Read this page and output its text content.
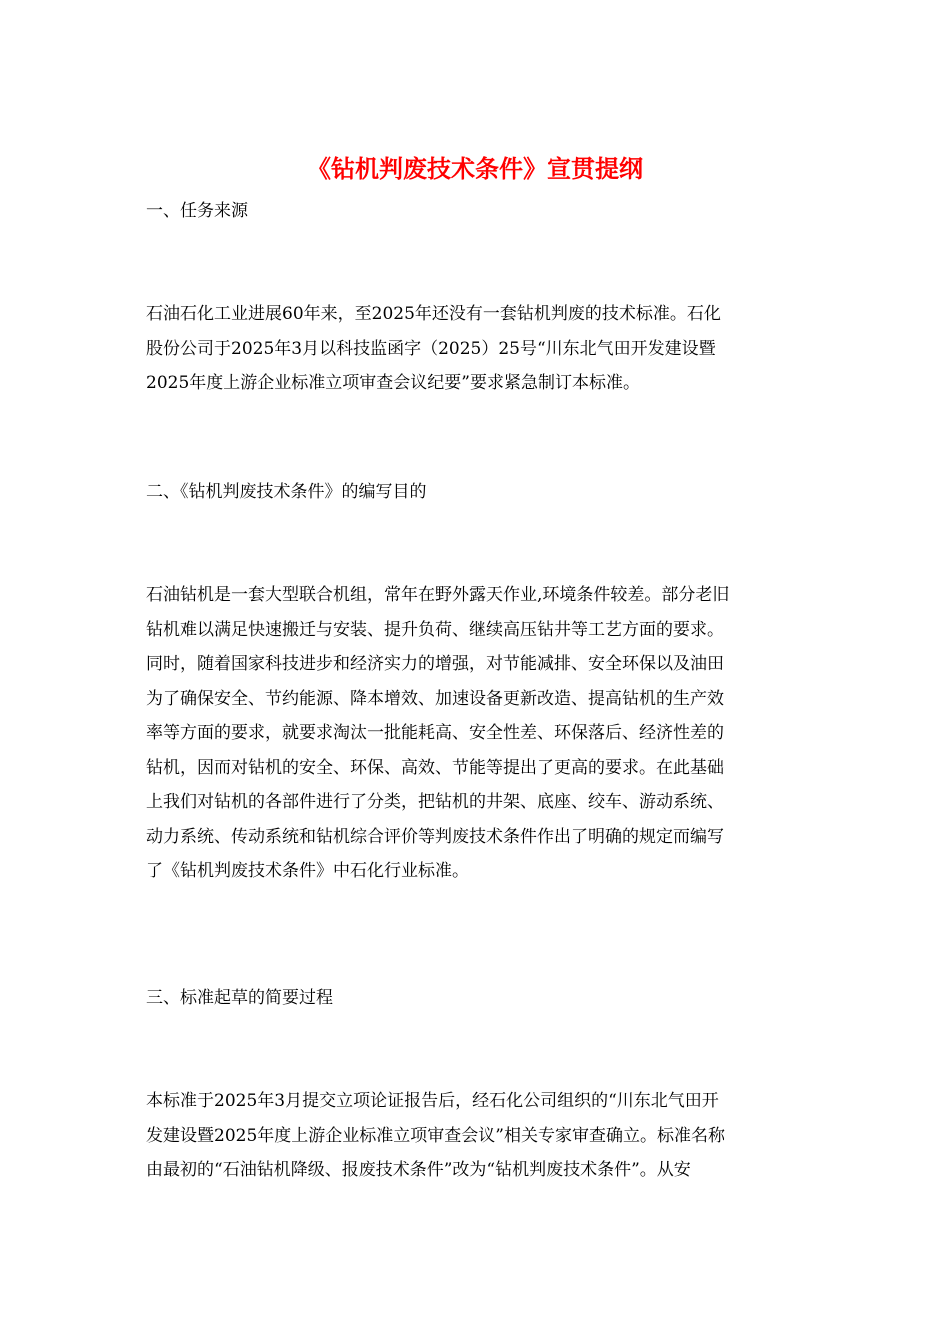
《钻机判废技术条件》宣贯提纲
一、任务来源
石油石化工业进展60年来，至2025年还没有一套钻机判废的技术标准。石化
股份公司于2025年3月以科技监函字（2025）25号“川东北气田开发建设暨
2025年度上游企业标准立项审查会议纪要”要求紧急制订本标准。
二、《钻机判废技术条件》的编写目的
石油钻机是一套大型联合机组，常年在野外露天作业,环境条件较差。部分老旧
钻机难以满足快速搬迁与安装、提升负荷、继续高压钻井等工艺方面的要求。
同时，随着国家科技进步和经济实力的增强，对节能减排、安全环保以及油田
为了确保安全、节约能源、降本增效、加速设备更新改造、提高钻机的生产效
率等方面的要求，就要求淘汰一批能耗高、安全性差、环保落后、经济性差的
钻机，因而对钻机的安全、环保、高效、节能等提出了更高的要求。在此基础
上我们对钻机的各部件进行了分类，把钻机的井架、底座、绞车、游动系统、
动力系统、传动系统和钻机综合评价等判废技术条件作出了明确的规定而编写
了《钻机判废技术条件》中石化行业标准。
三、标准起草的简要过程
本标准于2025年3月提交立项论证报告后，经石化公司组织的“川东北气田开
发建设暨2025年度上游企业标准立项审查会议”相关专家审查确立。标准名称
由最初的“石油钻机降级、报废技术条件”改为“钻机判废技术条件”。从安
